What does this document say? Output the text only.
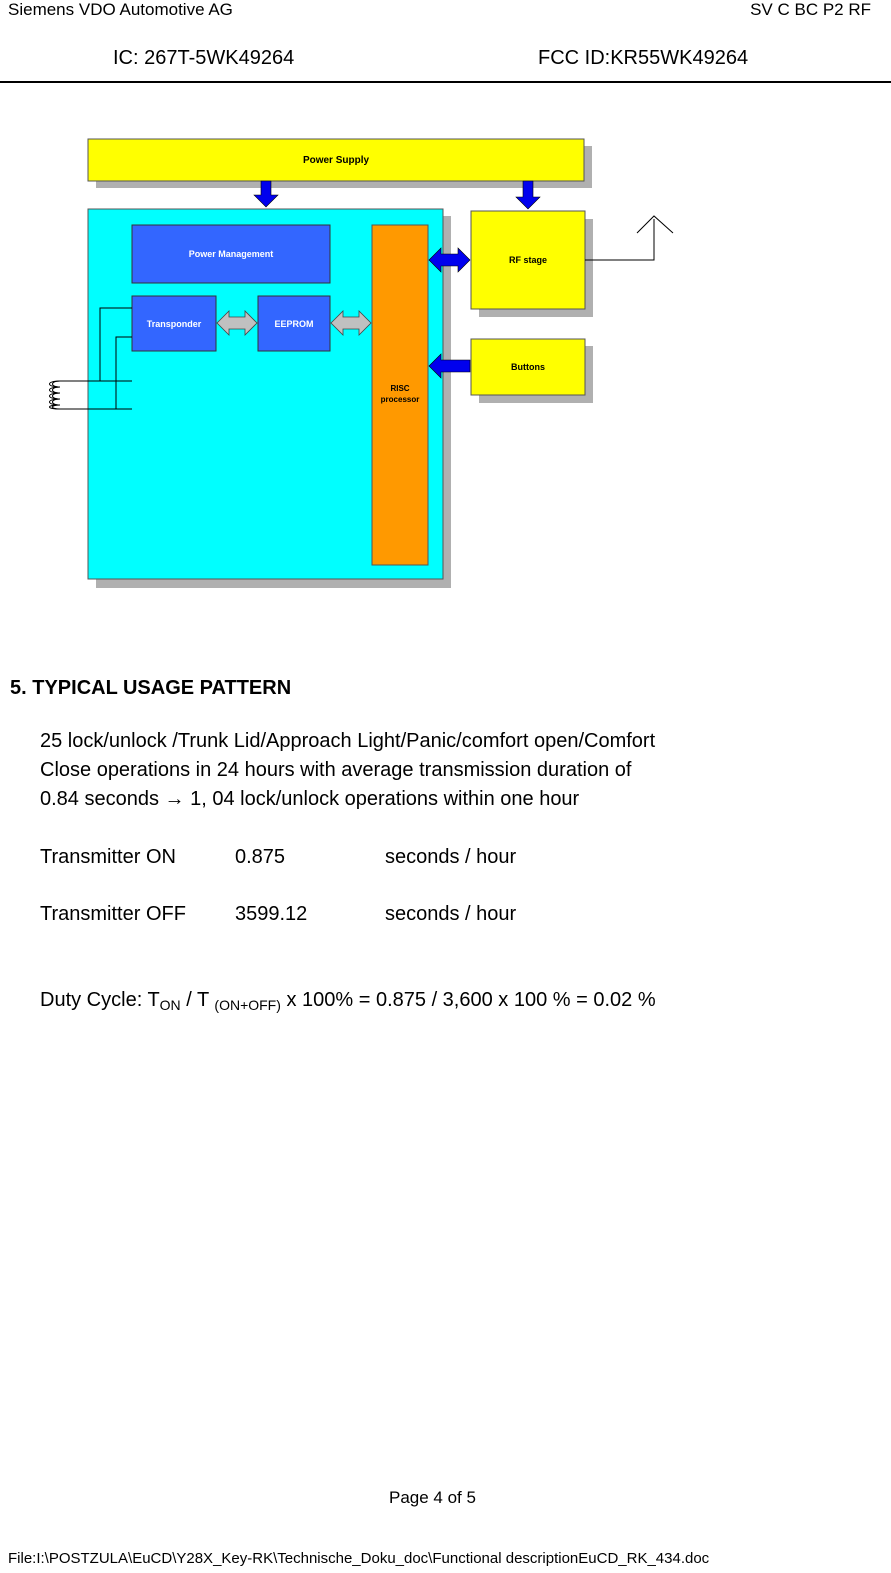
Siemens VDO Automotive AG	SV C BC P2 RF
IC: 267T-5WK49264	FCC ID:KR55WK49264
Power Supply
Power Management
Transponder	EEPROM
RISC
processor
RF stage
Buttons
5. TYPICAL USAGE PATTERN
25 lock/unlock /Trunk Lid/Approach Light/Panic/comfort open/Comfort
Close operations in 24 hours with average transmission duration of
0.84 seconds → 1, 04 lock/unlock operations within one hour
Transmitter ON	0.875	seconds / hour
Transmitter OFF 3599.12	seconds / hour
Duty Cycle: $T_{ON}$ / T $_{(ON+OFF)}$ x 100% = 0.875 / 3,600 x 100 % = 0.02 %
Page 4 of 5
File:I:\POSTZULA\EuCD\Y28X_Key-RK\Technische_Doku_doc\Functional descriptionEuCD_RK_434.doc
